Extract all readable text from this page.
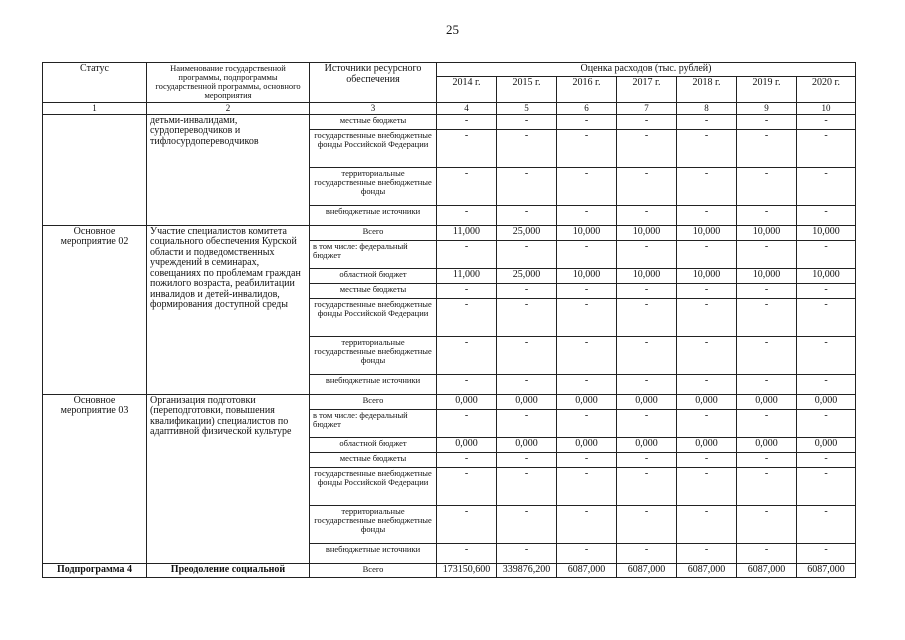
25
Статус	Наименование государственной программы, подпрограммы государственной программы, основного мероприятия	Источники ресурсного обеспечения	Оценка расходов (тыс. рублей)						
			2014 г.	2015 г.	2016 г.	2017 г.	2018 г.	2019 г.	2020 г.
1	2	3	4	5	6	7	8	9	10
	детьми-инвалидами, сурдопереводчиков и тифлосурдопереводчиков	местные бюджеты	-	-	-	-	-	-	-
		государственные внебюджетные фонды Российской Федерации	-	-	-	-	-	-	-
		территориальные государственные внебюджетные фонды	-	-	-	-	-	-	-
		внебюджетные источники	-	-	-	-	-	-	-
Основное мероприятие 02	Участие специалистов комитета социального обеспечения Курской области и подведомственных учреждений в семинарах, совещаниях по проблемам граждан пожилого возраста, реабилитации инвалидов и детей-инвалидов, формирования доступной среды	Всего	11,000	25,000	10,000	10,000	10,000	10,000	10,000
		в том числе: федеральный бюджет	-	-	-	-	-	-	-
		областной бюджет	11,000	25,000	10,000	10,000	10,000	10,000	10,000
		местные бюджеты	-	-	-	-	-	-	-
		государственные внебюджетные фонды Российской Федерации	-	-	-	-	-	-	-
		территориальные государственные внебюджетные фонды	-	-	-	-	-	-	-
		внебюджетные источники	-	-	-	-	-	-	-
Основное мероприятие 03	Организация подготовки (переподготовки, повышения квалификации) специалистов по адаптивной физической культуре	Всего	0,000	0,000	0,000	0,000	0,000	0,000	0,000
		в том числе: федеральный бюджет	-	-	-	-	-	-	-
		областной бюджет	0,000	0,000	0,000	0,000	0,000	0,000	0,000
		местные бюджеты	-	-	-	-	-	-	-
		государственные внебюджетные фонды Российской Федерации	-	-	-	-	-	-	-
		территориальные государственные внебюджетные фонды	-	-	-	-	-	-	-
		внебюджетные источники	-	-	-	-	-	-	-
Подпрограмма 4	Преодоление социальной	Всего	173150,600	339876,200	6087,000	6087,000	6087,000	6087,000	6087,000
